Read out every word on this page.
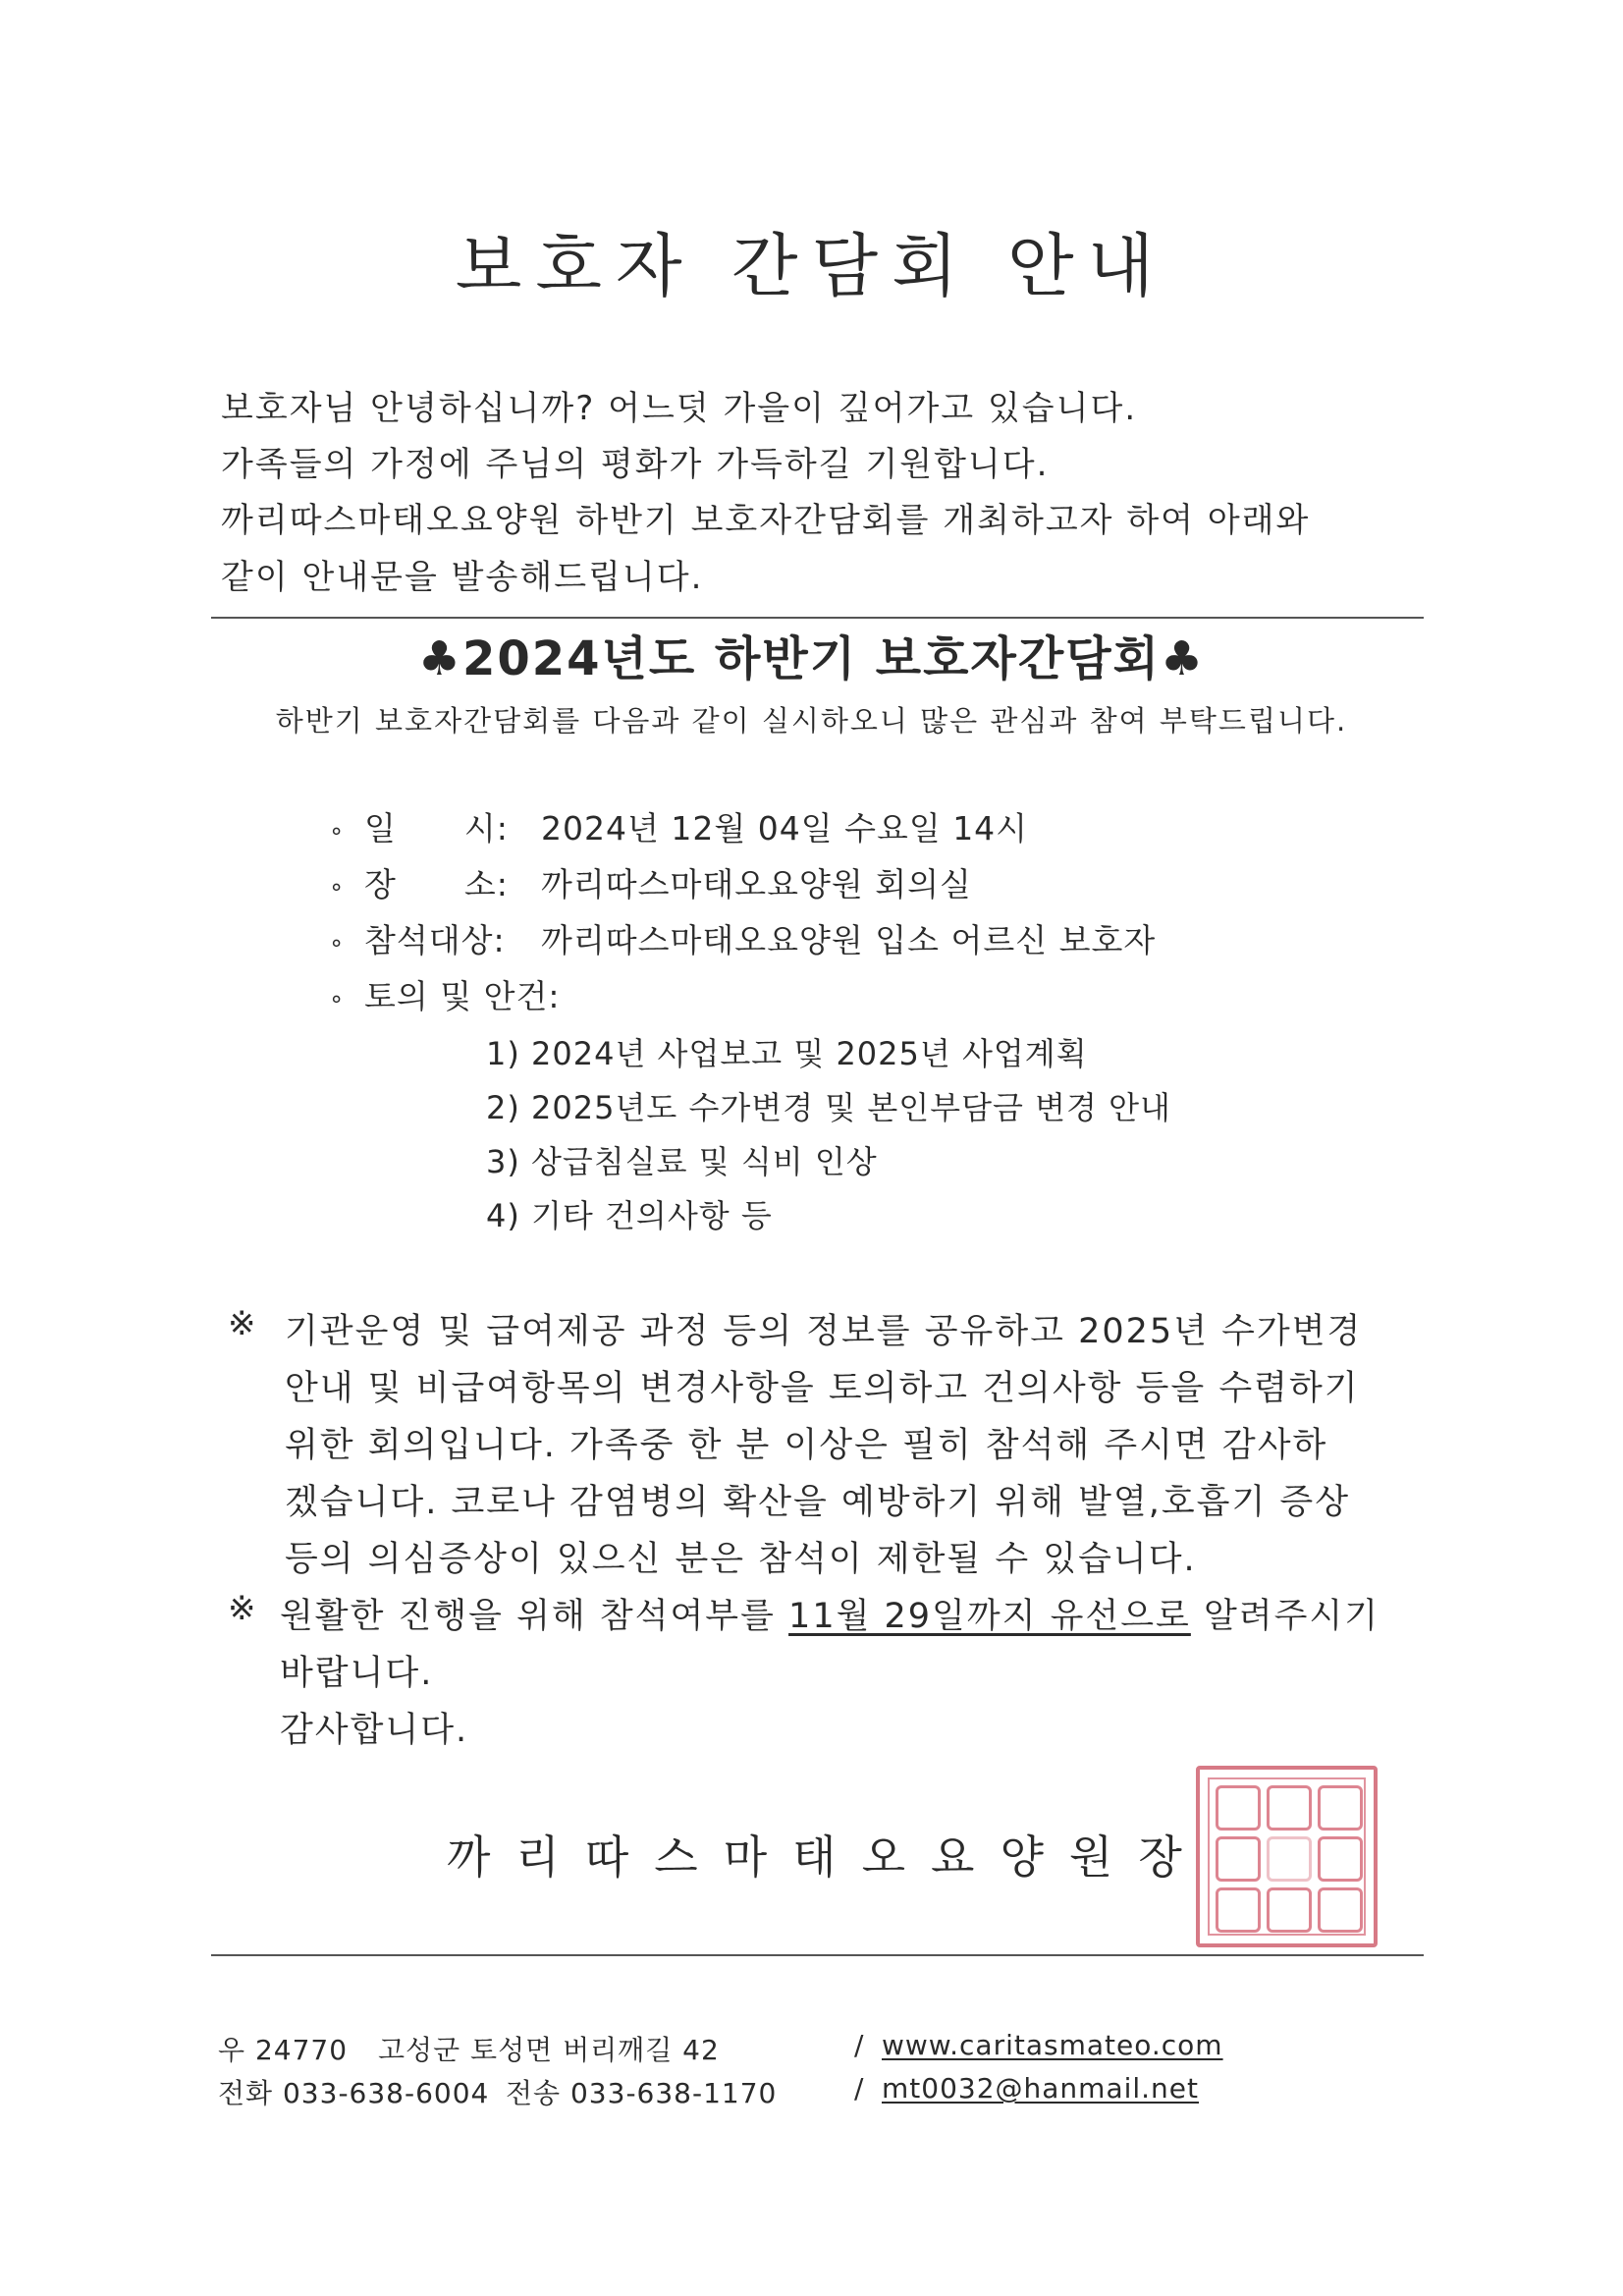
보호자 간담회 안내
보호자님 안녕하십니까? 어느덧 가을이 깊어가고 있습니다.
가족들의 가정에 주님의 평화가 가득하길 기원합니다.
까리따스마태오요양원 하반기 보호자간담회를 개최하고자 하여 아래와
같이 안내문을 발송해드립니다.
♣2024년도 하반기 보호자간담회♣
하반기 보호자간담회를 다음과 같이 실시하오니 많은 관심과 참여 부탁드립니다.
∘ 일      시: 2024년 12월 04일 수요일 14시
∘ 장      소: 까리따스마태오요양원 회의실
∘ 참석대상: 까리따스마태오요양원 입소 어르신 보호자
∘ 토의 및 안건:
1) 2024년 사업보고 및 2025년 사업계획
2) 2025년도 수가변경 및 본인부담금 변경 안내
3) 상급침실료 및 식비 인상
4) 기타 건의사항 등
※ 기관운영 및 급여제공 과정 등의 정보를 공유하고 2025년 수가변경
안내 및 비급여항목의 변경사항을 토의하고 건의사항 등을 수렴하기
위한 회의입니다. 가족중 한 분 이상은 필히 참석해 주시면 감사하
겠습니다. 코로나 감염병의 확산을 예방하기 위해 발열,호흡기 증상
등의 의심증상이 있으신 분은 참석이 제한될 수 있습니다.
※ 원활한 진행을 위해 참석여부를 11월 29일까지 유선으로 알려주시기
바랍니다.
감사합니다.
까리따스마태오요양원장
우 24770 고성군 토성면 버리깨길 42
전화 033-638-6004 전송 033-638-1170
/ www.caritasmateo.com
/ mt0032@hanmail.net
